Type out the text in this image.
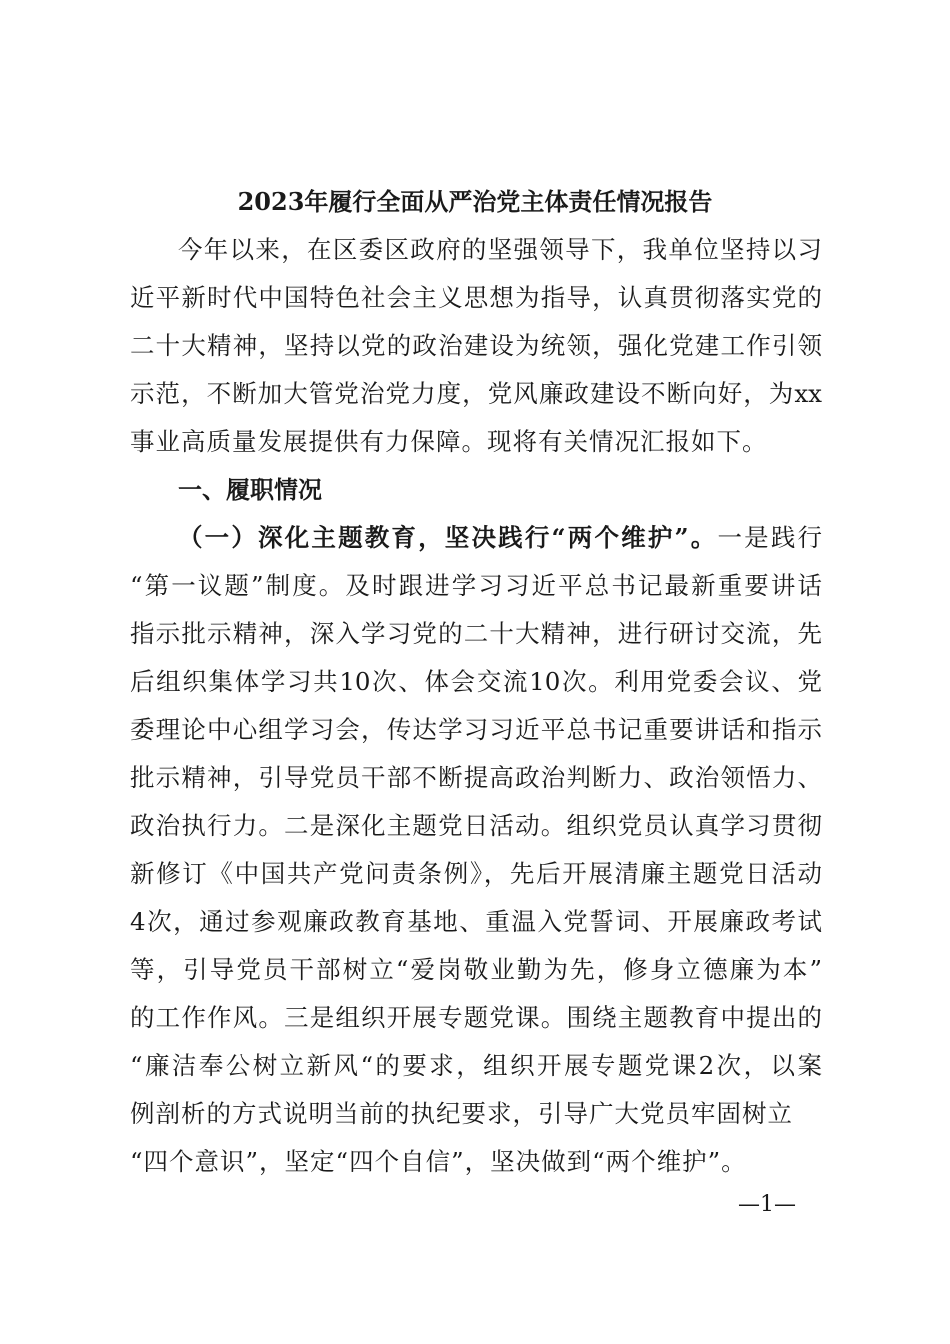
2023年履行全面从严治党主体责任情况报告

今年以来，在区委区政府的坚强领导下，我单位坚持以习

近平新时代中国特色社会主义思想为指导，认真贯彻落实党的

二十大精神，坚持以党的政治建设为统领，强化党建工作引领

示范，不断加大管党治党力度，党风廉政建设不断向好，为xx

事业高质量发展提供有力保障。现将有关情况汇报如下。

一、履职情况

（一）深化主题教育，坚决践行“两个维护”。一是践行

“第一议题”制度。及时跟进学习习近平总书记最新重要讲话

指示批示精神，深入学习党的二十大精神，进行研讨交流，先

后组织集体学习共10次、体会交流10次。利用党委会议、党

委理论中心组学习会，传达学习习近平总书记重要讲话和指示

批示精神，引导党员干部不断提高政治判断力、政治领悟力、

政治执行力。二是深化主题党日活动。组织党员认真学习贯彻

新修订《中国共产党问责条例》，先后开展清廉主题党日活动

4次，通过参观廉政教育基地、重温入党誓词、开展廉政考试

等，引导党员干部树立“爱岗敬业勤为先，修身立德廉为本”

的工作作风。三是组织开展专题党课。围绕主题教育中提出的

“廉洁奉公树立新风“的要求，组织开展专题党课2次，以案

例剖析的方式说明当前的执纪要求，引导广大党员牢固树立

“四个意识”，坚定“四个自信”，坚决做到“两个维护”。

—1—
